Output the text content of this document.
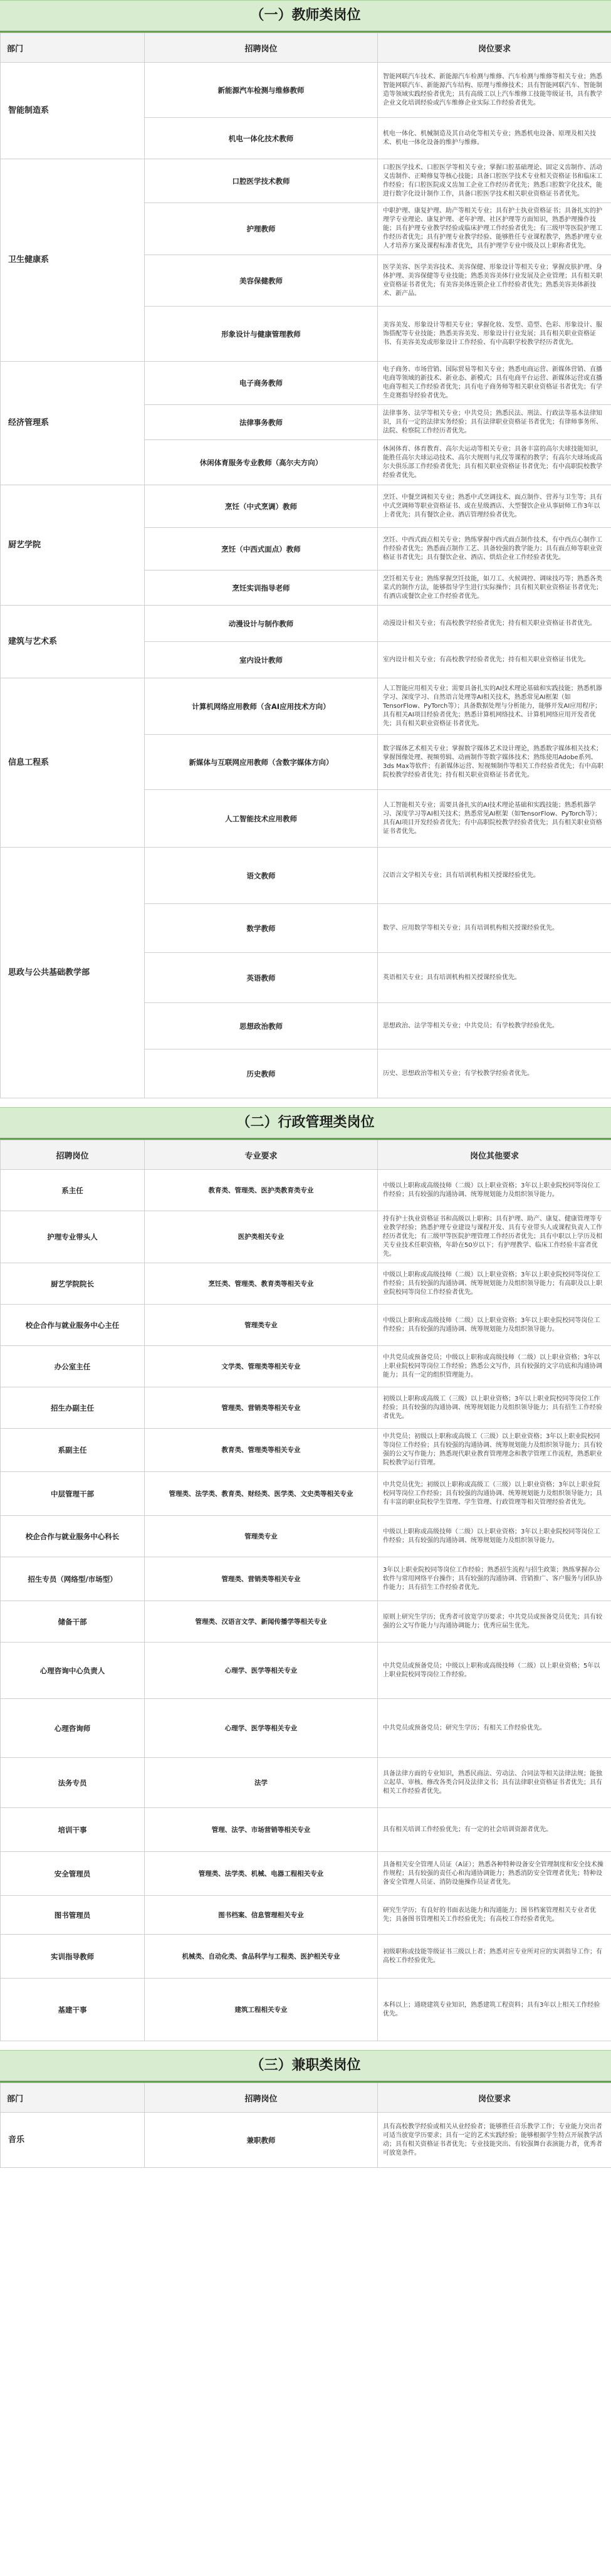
（一）教师类岗位
部门	招聘岗位	岗位要求
智能制造系	新能源汽车检测与维修教师	智能网联汽车技术、新能源汽车检测与维修、汽车检测与维修等相关专业；熟悉智能网联汽车、新能源汽车结构、原理与维修技术；具有智能网联汽车、智能制造等领域实践经验者优先；具有高级工以上汽车维修工技能等级证书，具有教学企业文化培训经验或汽车维修企业实际工作经验者优先。
	机电一体化技术教师	机电一体化、机械制造及其自动化等相关专业；熟悉机电设备、原理及相关技术、机电一体化设备的维护与维修。
卫生健康系	口腔医学技术教师	口腔医学技术、口腔医学等相关专业；掌握口腔基础理论、固定义齿制作、活动义齿制作、正畸修复等核心技能；具备口腔医学技术专业相关资格证书和临床工作经验；有口腔医院或义齿加工企业工作经历者优先；熟悉口腔数字化技术，能进行数字化设计制作工作，具备口腔医学技术相关职业资格证书者优先。
	护理教师	中职护理、康复护理、助产等相关专业；具有护士执业资格证书；具备扎实的护理学专业理论、康复护理、老年护理、社区护理等方面知识，熟悉护理操作技能；具有护理专业教学经验或临床护理工作经验者优先；有三级甲等医院护理工作经历者优先；具有护理专业教学经验、能够胜任专业课程教学，熟悉护理专业人才培养方案及课程标准者优先，具有护理学专业中级及以上职称者优先。
	美容保健教师	医学美容、医学美容技术、美容保健、形象设计等相关专业；掌握皮肤护理、身体护理、美容保健等专业技能；熟悉美容美体行业发展及企业管理；具有相关职业资格证书者优先；有美容美体连锁企业工作经验者优先；熟悉美容美体新技术、新产品。
	形象设计与健康管理教师	美容美发、形象设计等相关专业；掌握化妆、发型、造型、色彩、形象设计、服饰搭配等专业技能；熟悉美容美发、形象设计行业发展；具有相关职业资格证书、有美容美发或形象设计工作经验、有中高职学校教学经历者优先。
经济管理系	电子商务教师	电子商务、市场营销、国际贸易等相关专业；熟悉电商运营、新媒体营销、直播电商等领域的新技术、新业态、新模式；具有电商平台运营、新媒体运营或直播电商等相关工作经验者优先；具有电子商务师等相关职业资格证书者优先；有学生竞赛指导经验者优先。
	法律事务教师	法律事务、法学等相关专业；中共党员；熟悉民法、刑法、行政法等基本法律知识，具有一定的法律实务经验；具有法律职业资格证书者优先；有律师事务所、法院、检察院工作经历者优先。
	休闲体育服务专业教师（高尔夫方向）	休闲体育、体育教育、高尔夫运动等相关专业；具备丰富的高尔夫球技能知识，能胜任高尔夫球运动技术、高尔夫规则与礼仪等课程的教学；有高尔夫球场或高尔夫俱乐部工作经验者优先；具有相关职业资格证书者优先；有中高职院校教学经验者优先。
厨艺学院	烹饪（中式烹调）教师	烹饪、中餐烹调相关专业；熟悉中式烹调技术、面点制作、营养与卫生等；具有中式烹调师等职业资格证书、或在星级酒店、大型餐饮企业从事厨师工作3年以上者优先；具有餐饮企业、酒店管理经验者优先。
	烹饪（中西式面点）教师	烹饪、中西式面点相关专业；熟练掌握中西式面点制作技术，有中西点心制作工作经验者优先；熟悉面点制作工艺、具备较强的教学能力；具有面点师等职业资格证书者优先；具有餐饮企业、酒店、烘焙企业工作经验者优先。
	烹饪实训指导老师	烹饪相关专业；熟练掌握烹饪技能，如刀工、火候调控、调味技巧等；熟悉各类菜式的制作方法，能够指导学生进行实际操作；具有相关职业资格证书者优先；有酒店或餐饮企业工作经验者优先。
建筑与艺术系	动漫设计与制作教师	动漫设计相关专业；有高校教学经验者优先；持有相关职业资格证书者优先。
	室内设计教师	室内设计相关专业；有高校教学经验者优先；持有相关职业资格证书优先。
信息工程系	计算机网络应用教师（含AI应用技术方向）	人工智能应用相关专业；需要具备扎实的AI技术理论基础和实践技能；熟悉机器学习、深度学习、自然语言处理等AI相关技术，熟悉常见AI框架（如TensorFlow、PyTorch等）；具备数据处理与分析能力，能够开发AI应用程序；具有相关AI项目经验者优先；熟悉计算机网络技术、计算机网络应用开发者优先；具有相关职业资格证书者优先。
	新媒体与互联网应用教师（含数字媒体方向）	数字媒体艺术相关专业；掌握数字媒体艺术设计理论，熟悉数字媒体相关技术；掌握图像处理、视频剪辑、动画制作等数字媒体技术；熟练使用Adobe系列、3ds Max等软件；有新媒体运营、短视频制作等相关工作经验者优先；有中高职院校教学经验者优先；持有相关职业资格证书者优先。
	人工智能技术应用教师	人工智能相关专业；需要具备扎实的AI技术理论基础和实践技能；熟悉机器学习、深度学习等AI相关技术；熟悉常见AI框架（如TensorFlow、PyTorch等）；具有AI项目开发经验者优先；有中高职院校教学经验者优先；具有相关职业资格证书者优先。
思政与公共基础教学部	语文教师	汉语言文学相关专业；具有培训机构相关授课经验优先。
	数学教师	数学、应用数学等相关专业；具有培训机构相关授课经验优先。
	英语教师	英语相关专业；具有培训机构相关授课经验优先。
	思想政治教师	思想政治、法学等相关专业；中共党员；有学校教学经验优先。
	历史教师	历史、思想政治等相关专业；有学校教学经验者优先。
（二）行政管理类岗位
招聘岗位	专业要求	岗位其他要求
系主任	教育类、管理类、医护类教育类专业	中级以上职称或高级技师（二级）以上职业资格；3年以上职业院校同等岗位工作经验；具有较强的沟通协调、统筹规划能力及组织领导能力。
护理专业带头人	医护类相关专业	持有护士执业资格证书和高级以上职称；具有护理、助产、康复、健康管理等专业教学经验；熟悉护理专业建设与课程开发、具有专业带头人或课程负责人工作经历者优先；有三级甲等医院护理管理工作经历者优先；具有中职以上学历及相关专业技术任职资格，年龄在50岁以下；有护理教学、临床工作经验丰富者优先。
厨艺学院院长	烹饪类、管理类、教育类等相关专业	中级以上职称或高级技师（二级）以上职业资格；3年以上职业院校同等岗位工作经验；具有较强的沟通协调、统筹规划能力及组织领导能力；有高职及以上职业院校同等岗位工作经验者优先。
校企合作与就业服务中心主任	管理类专业	中级以上职称或高级技师（二级）以上职业资格；3年以上职业院校同等岗位工作经验；具有较强的沟通协调、统筹规划能力及组织领导能力。
办公室主任	文学类、管理类等相关专业	中共党员或预备党员；中级以上职称或高级技师（二级）以上职业资格；3年以上职业院校同等岗位工作经验；熟悉公文写作，具有较强的文字功底和沟通协调能力；具有一定的组织管理能力。
招生办副主任	管理类、营销类等相关专业	初级以上职称或高级工（三级）以上职业资格；3年以上职业院校同等岗位工作经验；具有较强的沟通协调、统筹规划能力及组织领导能力；具有招生工作经验者优先。
系副主任	教育类、管理类等相关专业	中共党员；初级以上职称或高级工（三级）以上职业资格；3年以上职业院校同等岗位工作经验；具有较强的沟通协调、统筹规划能力及组织领导能力；具有较强的公文写作能力；熟悉现代职业教育管理理念和教学管理工作流程，熟悉职业院校教学运行管理。
中层管理干部	管理类、法学类、教育类、财经类、医学类、文史类等相关专业	中共党员优先；初级以上职称或高级工（三级）以上职业资格；3年以上职业院校同等岗位工作经验；具有较强的沟通协调、统筹规划能力及组织领导能力；具有丰富的职业院校学生管理、学生管理、行政管理等相关管理经验者优先。
校企合作与就业服务中心科长	管理类专业	中级以上职称或高级技师（二级）以上职业资格；3年以上职业院校同等岗位工作经验；具有较强的沟通协调、统筹规划能力及组织领导能力。
招生专员（网络型/市场型）	管理类、营销类等相关专业	3年以上职业院校同等岗位工作经验；熟悉招生流程与招生政策；熟练掌握办公软件与常用网络平台操作；具有较强的沟通协调、营销推广、客户服务与团队协作能力；具有招生工作经验者优先。
储备干部	管理类、汉语言文学、新闻传播学等相关专业	原则上研究生学历；优秀者可放宽学历要求；中共党员或预备党员优先；具有较强的公文写作能力与沟通协调能力；优秀应届生优先。
心理咨询中心负责人	心理学、医学等相关专业	中共党员或预备党员；中级以上职称或高级技师（二级）以上职业资格；5年以上职业院校同等岗位工作经验。
心理咨询师	心理学、医学等相关专业	中共党员或预备党员；研究生学历；有相关工作经验优先。
法务专员	法学	具备法律方面的专业知识，熟悉民商法、劳动法、合同法等相关法律法规；能独立起草、审核、修改各类合同及法律文书；具有法律职业资格证书者优先；具有相关工作经验者优先。
培训干事	管理、法学、市场营销等相关专业	具有相关培训工作经验优先；有一定的社会培训资源者优先。
安全管理员	管理类、法学类、机械、电器工程相关专业	具备相关安全管理人员证（A证）；熟悉各种特种设备安全管理制度和安全技术操作规程；具有较强的责任心和沟通协调能力；熟悉消防安全管理者优先；特种设备安全管理人员证、消防设施操作员证者优先。
图书管理员	图书档案、信息管理相关专业	研究生学历；有良好的书面表达能力和沟通能力；图书档案管理相关专业者优先；具备图书管理相关工作经验优先；有高校工作经验者优先。
实训指导教师	机械类、自动化类、食品科学与工程类、医护相关专业	初级职称或技能等级证书三级以上者；熟悉对应专业所对应的实训指导工作；有高校工作经验优先。
基建干事	建筑工程相关专业	本科以上；通晓建筑专业知识，熟悉建筑工程资料；具有3年以上相关工作经验优先。
（三）兼职类岗位
部门	招聘岗位	岗位要求
音乐	兼职教师	具有高校教学经验或相关从业经验者；能够胜任音乐教学工作；专业能力突出者可适当放宽学历要求；具有一定的艺术实践经验；能够根据学生特点开展教学活动；具有相关资格证书者优先；专业技能突出、有较强舞台表演能力者，优秀者可放宽条件。
